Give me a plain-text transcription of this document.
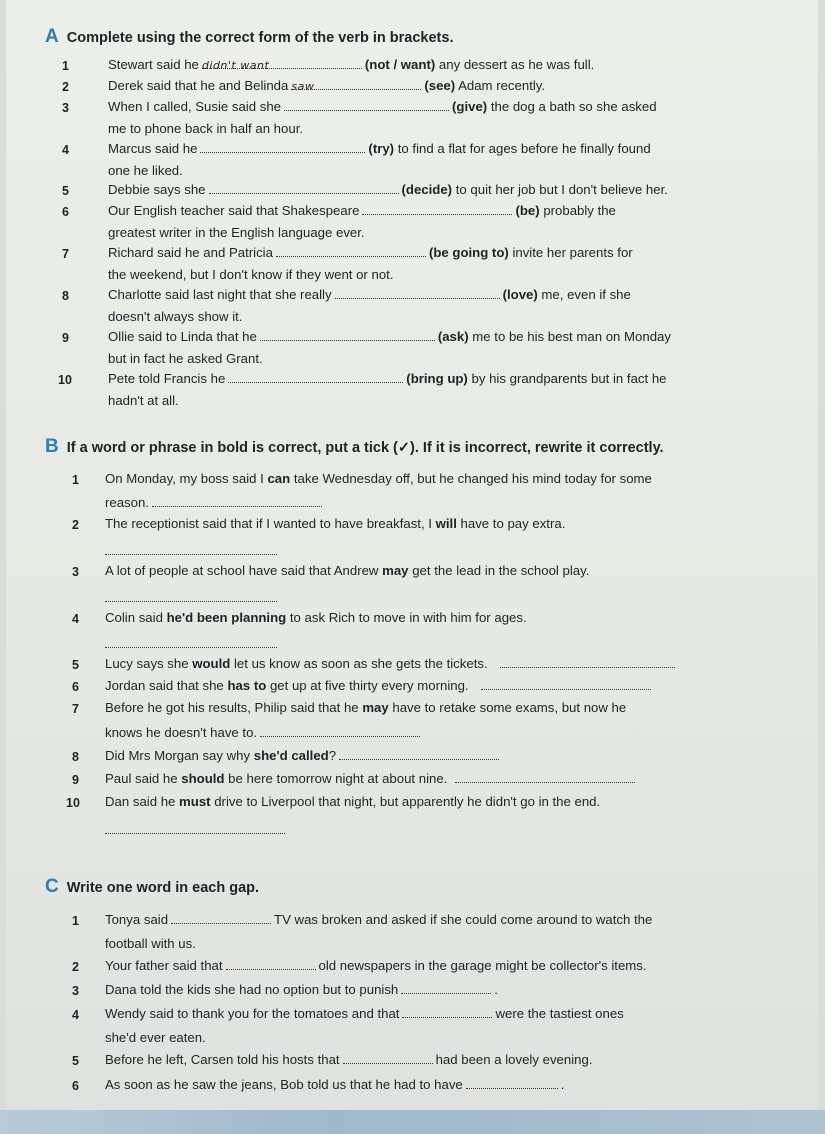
A Complete using the correct form of the verb in brackets.
1	Stewart said he didn't want	(not / want) any dessert as he was full.
2	Derek said that he and Belinda saw	(see) Adam recently.
3	When I called, Susie said she	(give) the dog a bath so she asked
me to phone back in half an hour.
4	Marcus said he	(try) to find a flat for ages before he finally found
one he liked.
5	Debbie says she	(decide) to quit her job but I don't believe her.
6	Our English teacher said that Shakespeare	(be) probably the
greatest writer in the English language ever.
7	Richard said he and Patricia	(be going to) invite her parents for
the weekend, but I don't know if they went or not.
8	Charlotte said last night that she really	(love) me, even if she
doesn't always show it.
9	Ollie said to Linda that he	(ask) me to be his best man on Monday
but in fact he asked Grant.
10	Pete told Francis he	(bring up) by his grandparents but in fact he
hadn't at all.
B If a word or phrase in bold is correct, put a tick (✓). If it is incorrect, rewrite it correctly.
1 On Monday, my boss said I can take Wednesday off, but he changed his mind today for some
reason.
2 The receptionist said that if I wanted to have breakfast, I will have to pay extra.
3 A lot of people at school have said that Andrew may get the lead in the school play.
4 Colin said he'd been planning to ask Rich to move in with him for ages.
5 Lucy says she would let us know as soon as she gets the tickets.
6 Jordan said that she has to get up at five thirty every morning.
7 Before he got his results, Philip said that he may have to retake some exams, but now he
knows he doesn't have to.
8 Did Mrs Morgan say why she'd called?
9 Paul said he should be here tomorrow night at about nine.
10 Dan said he must drive to Liverpool that night, but apparently he didn't go in the end.
C Write one word in each gap.
1 Tonya said	TV was broken and asked if she could come around to watch the
football with us.
2 Your father said that	old newspapers in the garage might be collector's items.
3 Dana told the kids she had no option but to punish	.
4 Wendy said to thank you for the tomatoes and that	were the tastiest ones
she'd ever eaten.
5 Before he left, Carsen told his hosts that	had been a lovely evening.
6 As soon as he saw the jeans, Bob told us that he had to have	.
